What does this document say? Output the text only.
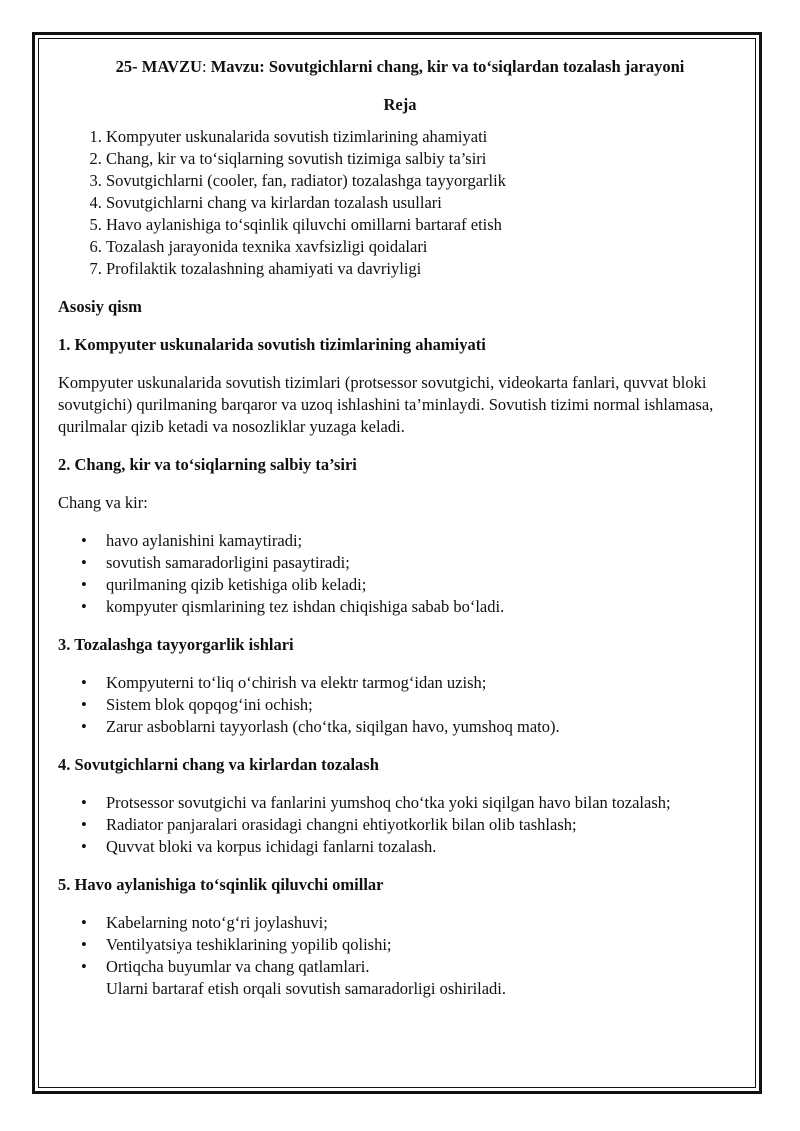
25- MAVZU: Mavzu: Sovutgichlarni chang, kir va to‘siqlardan tozalash jarayoni
Reja
1. Kompyuter uskunalarida sovutish tizimlarining ahamiyati
2. Chang, kir va to‘siqlarning sovutish tizimiga salbiy ta’siri
3. Sovutgichlarni (cooler, fan, radiator) tozalashga tayyorgarlik
4. Sovutgichlarni chang va kirlardan tozalash usullari
5. Havo aylanishiga to‘sqinlik qiluvchi omillarni bartaraf etish
6. Tozalash jarayonida texnika xavfsizligi qoidalari
7. Profilaktik tozalashning ahamiyati va davriyligi
Asosiy qism
1. Kompyuter uskunalarida sovutish tizimlarining ahamiyati

Kompyuter uskunalarida sovutish tizimlari (protsessor sovutgichi, videokarta fanlari, quvvat bloki sovutgichi) qurilmaning barqaror va uzoq ishlashini ta’minlaydi. Sovutish tizimi normal ishlamasa, qurilmalar qizib ketadi va nosozliklar yuzaga keladi.

2. Chang, kir va to‘siqlarning salbiy ta’siri

Chang va kir:

• havo aylanishini kamaytiradi;
• sovutish samaradorligini pasaytiradi;
• qurilmaning qizib ketishiga olib keladi;
• kompyuter qismlarining tez ishdan chiqishiga sabab bo‘ladi.
3. Tozalashga tayyorgarlik ishlari
• Kompyuterni to‘liq o‘chirish va elektr tarmog‘idan uzish;
• Sistem blok qopqog‘ini ochish;
• Zarur asboblarni tayyorlash (cho‘tka, siqilgan havo, yumshoq mato).
4. Sovutgichlarni chang va kirlardan tozalash
• Protsessor sovutgichi va fanlarini yumshoq cho‘tka yoki siqilgan havo bilan tozalash;
• Radiator panjaralari orasidagi changni ehtiyotkorlik bilan olib tashlash;
• Quvvat bloki va korpus ichidagi fanlarni tozalash.
5. Havo aylanishiga to‘sqinlik qiluvchi omillar
• Kabelarning noto‘g‘ri joylashuvi;
• Ventilyatsiya teshiklarining yopilib qolishi;
• Ortiqcha buyumlar va chang qatlamlari.
Ularni bartaraf etish orqali sovutish samaradorligi oshiriladi.
